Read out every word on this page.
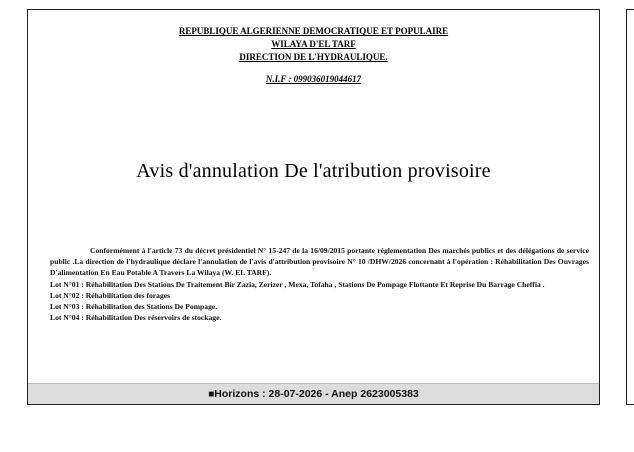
REPUBLIQUE ALGERIENNE DEMOCRATIQUE ET POPULAIRE
WILAYA D'EL TARF
DIRECTION DE L'HYDRAULIQUE.
N.I.F : 099036019044617
Avis d'annulation De l'atribution provisoire
Conformément à l'article 73 du décret présidentiel N° 15-247 de la 16/09/2015 portante réglementation Des marchés publics et des délégations de service public .La direction de l'hydraulique déclare l'annulation de l'avis d'attribution provisoire N° 10 /DHW/2026 concernant à l'opération : Réhabilitation Des Ouvrages D'alimentation En Eau Potable A Travers La Wilaya (W. EL TARF).
Lot N°01 : Réhabilitation Des Stations De Traitement Bir Zazia, Zerizer , Mexa, Tofaha , Stations De Pompage Flottante Et Reprise Du Barrage Cheffia .
Lot N°02 : Réhabilitation des forages
Lot N°03 : Réhabilitation des Stations De Pompage.
Lot N°04 : Réhabilitation Des réservoirs de stockage.
■Horizons : 28-07-2026 - Anep 2623005383
